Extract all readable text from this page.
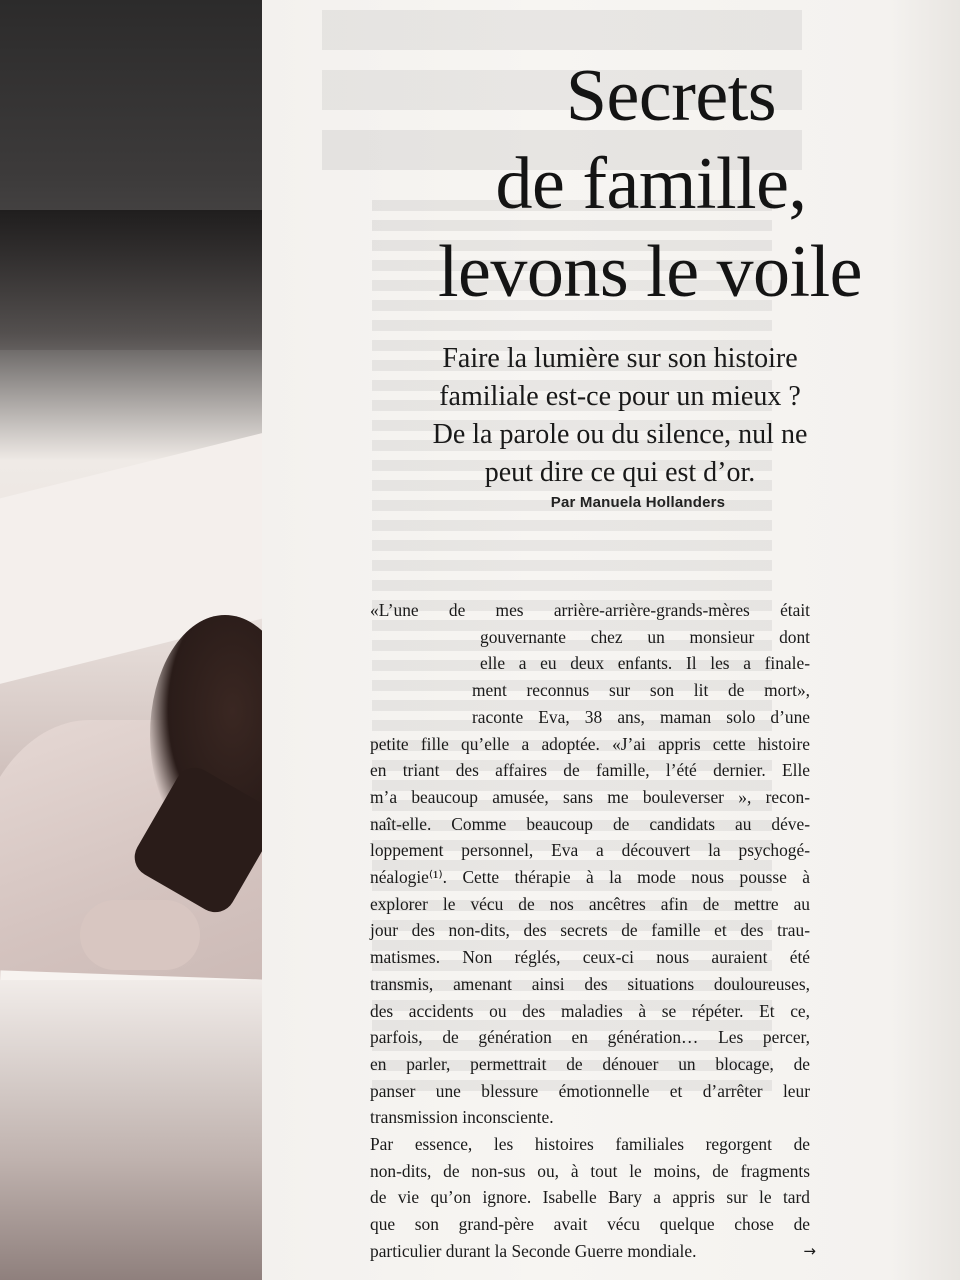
Secrets
de famille,
levons le voile
Faire la lumière sur son histoire
familiale est-ce pour un mieux ?
De la parole ou du silence, nul ne
peut dire ce qui est d’or.
Par Manuela Hollanders
«L’une de mes arrière-arrière-grands-mères était
gouvernante chez un monsieur dont
elle a eu deux enfants. Il les a finale-
ment reconnus sur son lit de mort»,
raconte Eva, 38 ans, maman solo d’une
petite fille qu’elle a adoptée. «J’ai appris cette histoire
en triant des affaires de famille, l’été dernier. Elle
m’a beaucoup amusée, sans me bouleverser », recon-
naît-elle. Comme beaucoup de candidats au déve-
loppement personnel, Eva a découvert la psychogé-
néalogie⁽¹⁾. Cette thérapie à la mode nous pousse à
explorer le vécu de nos ancêtres afin de mettre au
jour des non-dits, des secrets de famille et des trau-
matismes. Non réglés, ceux-ci nous auraient été
transmis, amenant ainsi des situations douloureuses,
des accidents ou des maladies à se répéter. Et ce,
parfois, de génération en génération… Les percer,
en parler, permettrait de dénouer un blocage, de
panser une blessure émotionnelle et d’arrêter leur
transmission inconsciente.
Par essence, les histoires familiales regorgent de
non-dits, de non-sus ou, à tout le moins, de fragments
de vie qu’on ignore. Isabelle Bary a appris sur le tard
que son grand-père avait vécu quelque chose de
particulier durant la Seconde Guerre mondiale.	→
